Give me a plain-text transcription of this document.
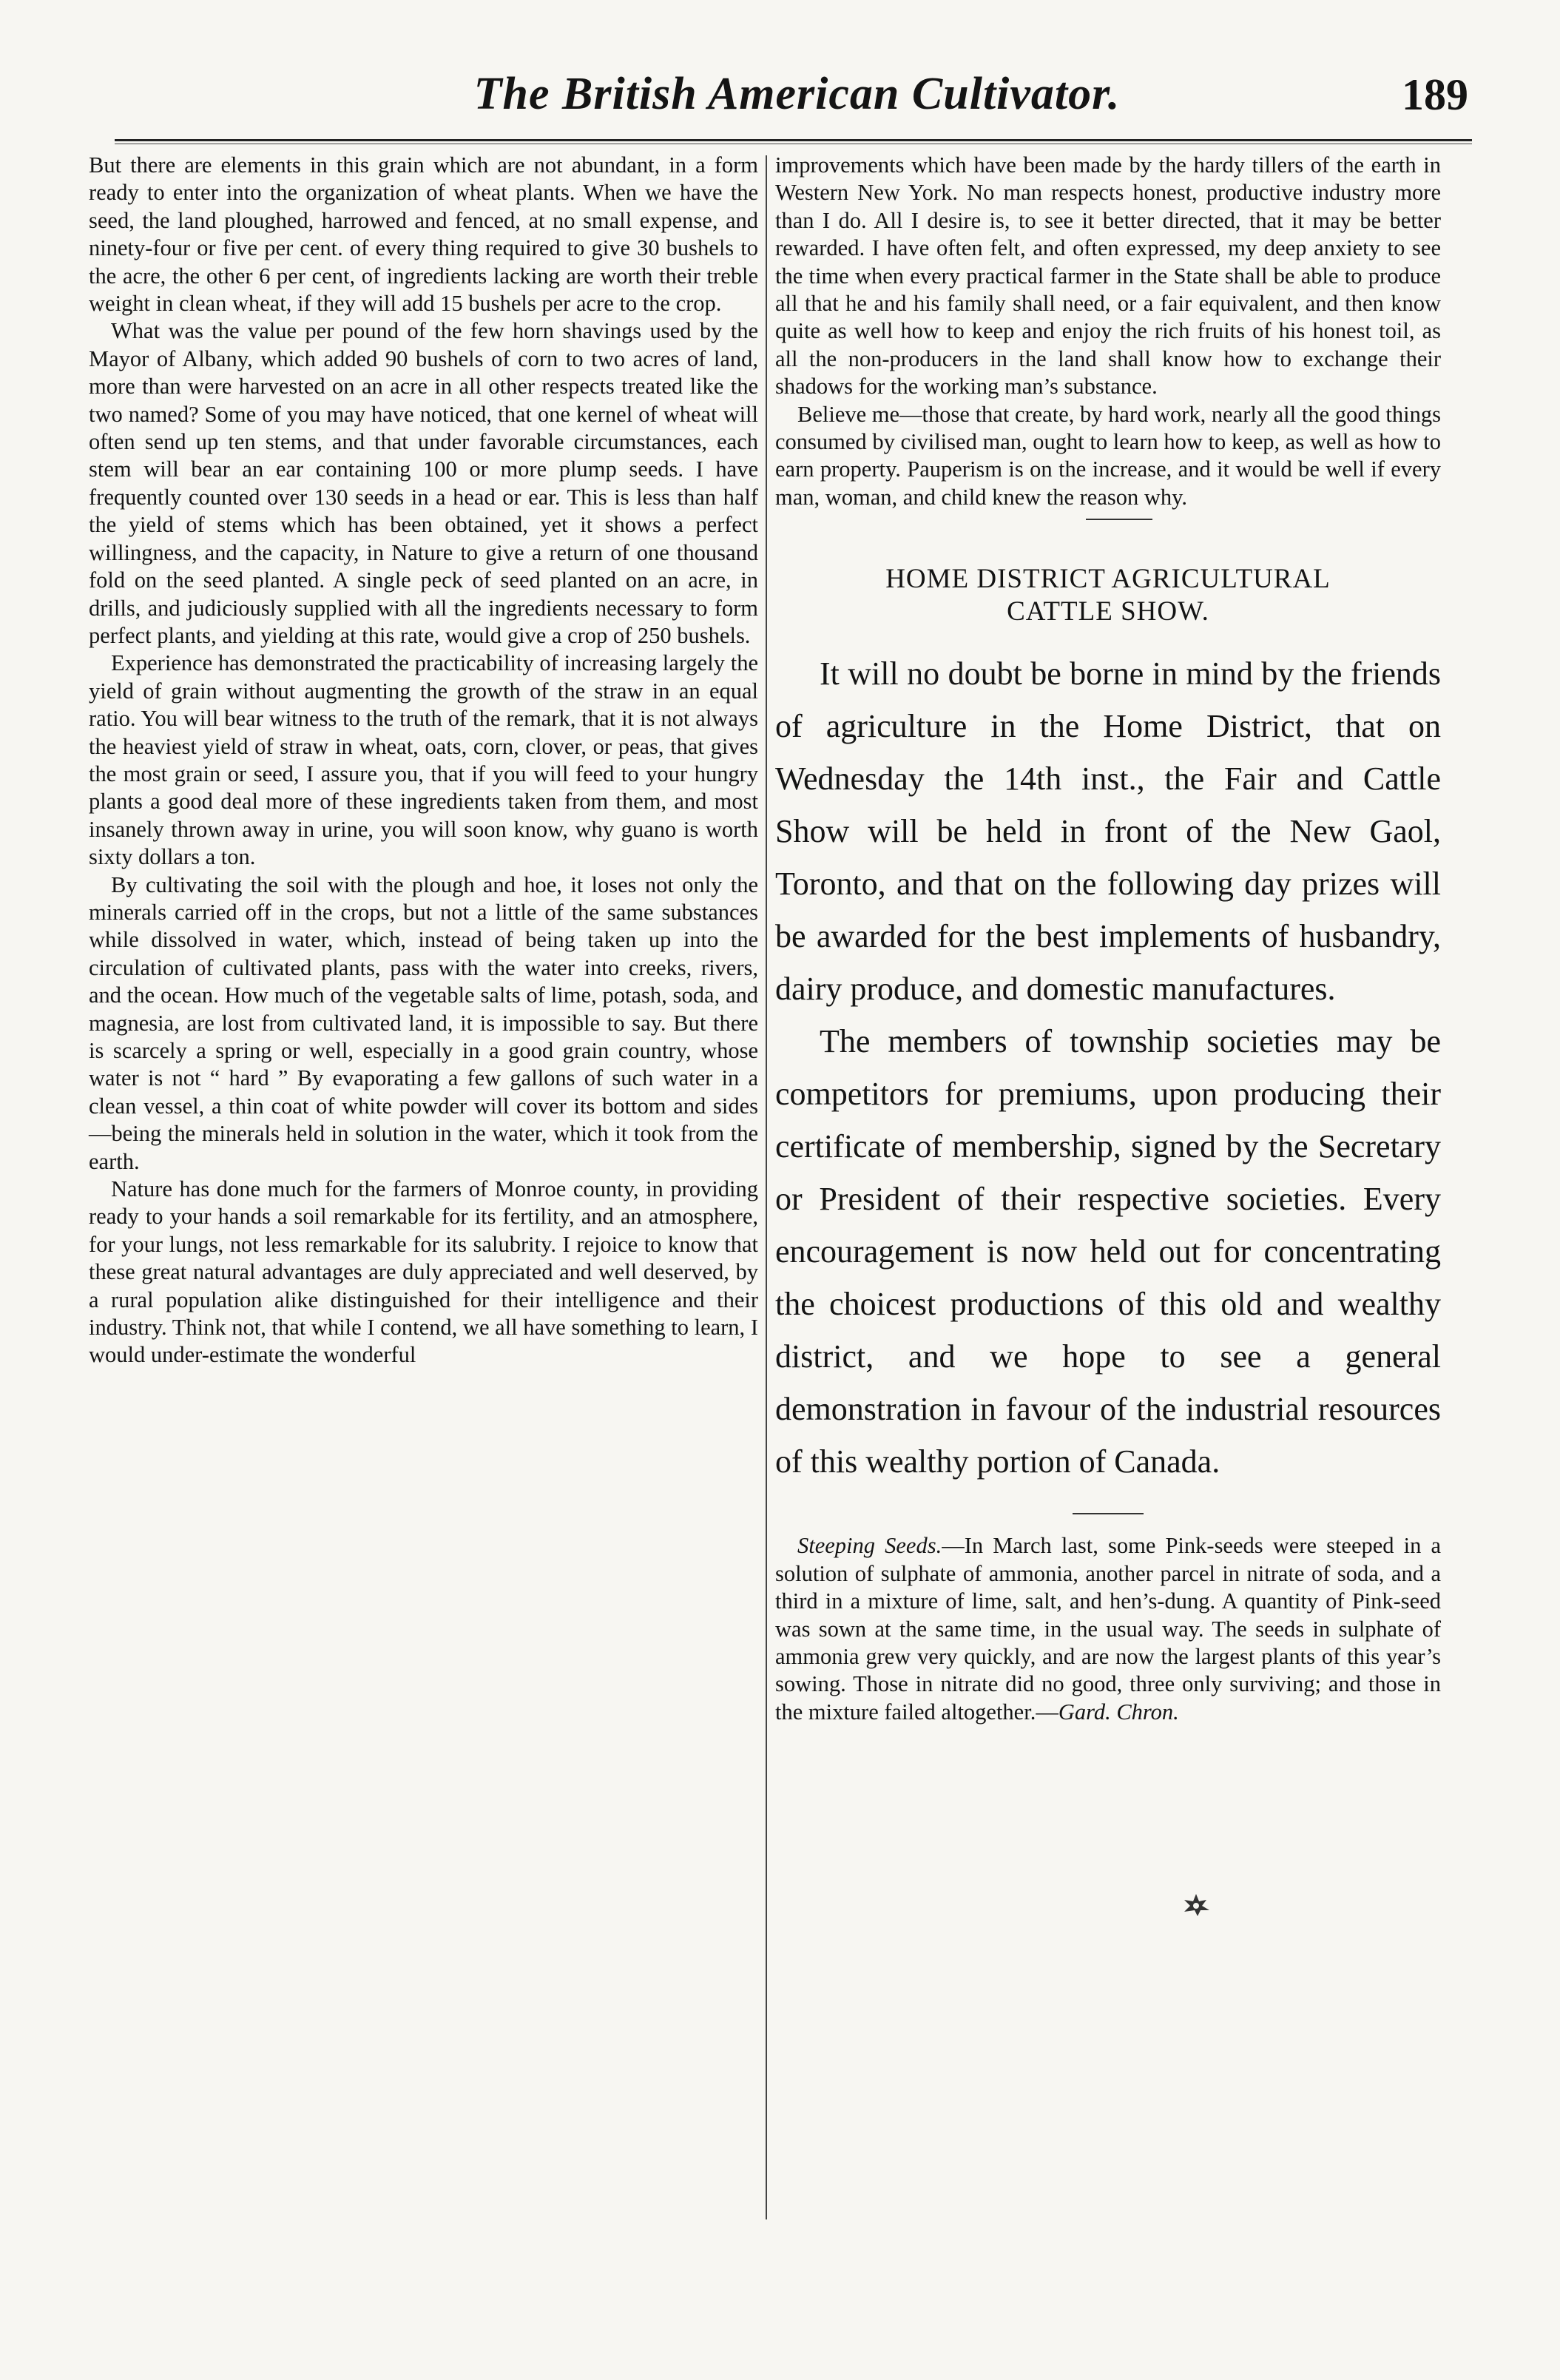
The British American Cultivator.	189

But there are elements in this grain which are not abundant, in a form ready to enter into the organization of wheat plants. When we have the seed, the land ploughed, harrowed and fenced, at no small expense, and ninety-four or five per cent. of every thing required to give 30 bushels to the acre, the other 6 per cent, of ingredients lacking are worth their treble weight in clean wheat, if they will add 15 bushels per acre to the crop.

What was the value per pound of the few horn shavings used by the Mayor of Albany, which added 90 bushels of corn to two acres of land, more than were harvested on an acre in all other respects treated like the two named? Some of you may have noticed, that one kernel of wheat will often send up ten stems, and that under favorable circumstances, each stem will bear an ear containing 100 or more plump seeds. I have frequently counted over 130 seeds in a head or ear. This is less than half the yield of stems which has been obtained, yet it shows a perfect willingness, and the capacity, in Nature to give a return of one thousand fold on the seed planted. A single peck of seed planted on an acre, in drills, and judiciously supplied with all the ingredients necessary to form perfect plants, and yielding at this rate, would give a crop of 250 bushels.

Experience has demonstrated the practicability of increasing largely the yield of grain without augmenting the growth of the straw in an equal ratio. You will bear witness to the truth of the remark, that it is not always the heaviest yield of straw in wheat, oats, corn, clover, or peas, that gives the most grain or seed, I assure you, that if you will feed to your hungry plants a good deal more of these ingredients taken from them, and most insanely thrown away in urine, you will soon know, why guano is worth sixty dollars a ton.

By cultivating the soil with the plough and hoe, it loses not only the minerals carried off in the crops, but not a little of the same substances while dissolved in water, which, instead of being taken up into the circulation of cultivated plants, pass with the water into creeks, rivers, and the ocean. How much of the vegetable salts of lime, potash, soda, and magnesia, are lost from cultivated land, it is impossible to say. But there is scarcely a spring or well, especially in a good grain country, whose water is not “ hard ” By evaporating a few gallons of such water in a clean vessel, a thin coat of white powder will cover its bottom and sides—being the minerals held in solution in the water, which it took from the earth.

Nature has done much for the farmers of Monroe county, in providing ready to your hands a soil remarkable for its fertility, and an atmosphere, for your lungs, not less remarkable for its salubrity. I rejoice to know that these great natural advantages are duly appreciated and well deserved, by a rural population alike distinguished for their intelligence and their industry. Think not, that while I contend, we all have something to learn, I would under-estimate the wonderful

improvements which have been made by the hardy tillers of the earth in Western New York. No man respects honest, productive industry more than I do. All I desire is, to see it better directed, that it may be better rewarded. I have often felt, and often expressed, my deep anxiety to see the time when every practical farmer in the State shall be able to produce all that he and his family shall need, or a fair equivalent, and then know quite as well how to keep and enjoy the rich fruits of his honest toil, as all the non-producers in the land shall know how to exchange their shadows for the working man’s substance.

Believe me—those that create, by hard work, nearly all the good things consumed by civilised man, ought to learn how to keep, as well as how to earn property. Pauperism is on the increase, and it would be well if every man, woman, and child knew the reason why.

HOME DISTRICT AGRICULTURAL
CATTLE SHOW.

It will no doubt be borne in mind by the friends of agriculture in the Home District, that on Wednesday the 14th inst., the Fair and Cattle Show will be held in front of the New Gaol, Toronto, and that on the following day prizes will be awarded for the best implements of husbandry, dairy produce, and domestic manufactures.

The members of township societies may be competitors for premiums, upon producing their certificate of membership, signed by the Secretary or President of their respective societies. Every encouragement is now held out for concentrating the choicest productions of this old and wealthy district, and we hope to see a general demonstration in favour of the industrial resources of this wealthy portion of Canada.

Steeping Seeds.—In March last, some Pink-seeds were steeped in a solution of sulphate of ammonia, another parcel in nitrate of soda, and a third in a mixture of lime, salt, and hen’s-dung. A quantity of Pink-seed was sown at the same time, in the usual way. The seeds in sulphate of ammonia grew very quickly, and are now the largest plants of this year’s sowing. Those in nitrate did no good, three only surviving; and those in the mixture failed altogether.—Gard. Chron.
